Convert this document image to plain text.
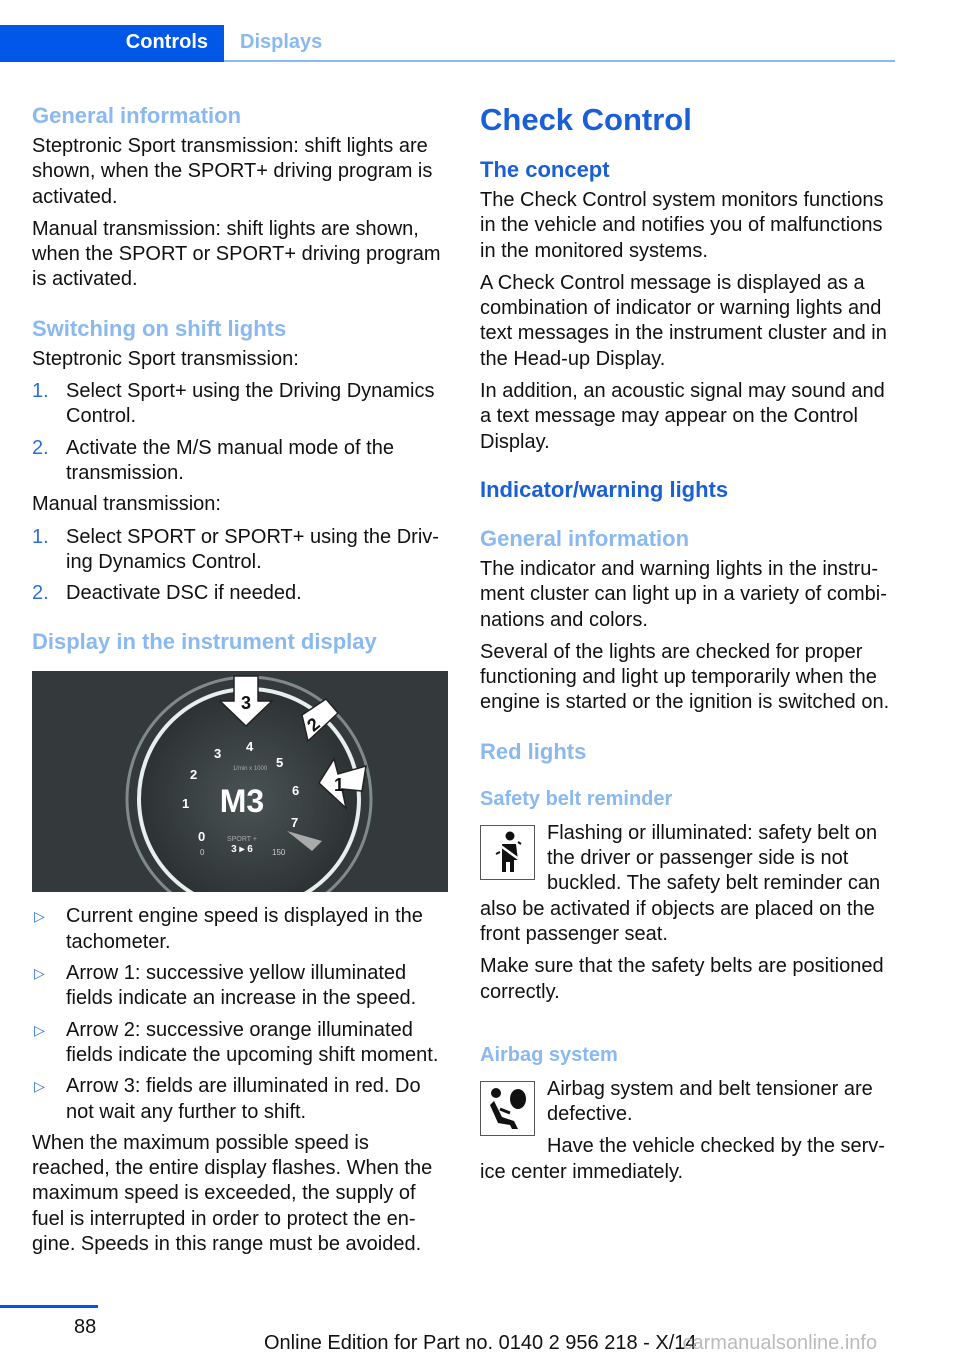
Controls	Displays
General information

Steptronic Sport transmission: shift lights are shown, when the SPORT+ driving program is activated.

Manual transmission: shift lights are shown, when the SPORT or SPORT+ driving program is activated.

Switching on shift lights

Steptronic Sport transmission:

1. Select Sport+ using the Driving Dynamics Control.
2. Activate the M/S manual mode of the transmission.

Manual transmission:

1. Select SPORT or SPORT+ using the Driving Dynamics Control.
2. Deactivate DSC if needed.
Display in the instrument display
0
1
2
3 4
5
6
7
1/min x 1000
M3
SPORT +
3 ▸ 6
0	150
3
2
1
▷ Current engine speed is displayed in the tachometer.
▷ Arrow 1: successive yellow illuminated fields indicate an increase in the speed.
▷ Arrow 2: successive orange illuminated fields indicate the upcoming shift moment.
▷ Arrow 3: fields are illuminated in red. Do not wait any further to shift.

When the maximum possible speed is reached, the entire display flashes. When the maximum speed is exceeded, the supply of fuel is interrupted in order to protect the engine. Speeds in this range must be avoided.

Check Control
The concept

The Check Control system monitors functions in the vehicle and notifies you of malfunctions in the monitored systems.

A Check Control message is displayed as a combination of indicator or warning lights and text messages in the instrument cluster and in the Head-up Display.

In addition, an acoustic signal may sound and a text message may appear on the Control Display.

Indicator/warning lights
General information

The indicator and warning lights in the instrument cluster can light up in a variety of combinations and colors.

Several of the lights are checked for proper functioning and light up temporarily when the engine is started or the ignition is switched on.

Red lights
Safety belt reminder

Flashing or illuminated: safety belt on the driver or passenger side is not buckled. The safety belt reminder can also be activated if objects are placed on the front passenger seat.

Make sure that the safety belts are positioned correctly.

Airbag system

Airbag system and belt tensioner are defective.

Have the vehicle checked by the service center immediately.

88
Online Edition for Part no. 0140 2 956 218 - X/14carmanualsonline.info
